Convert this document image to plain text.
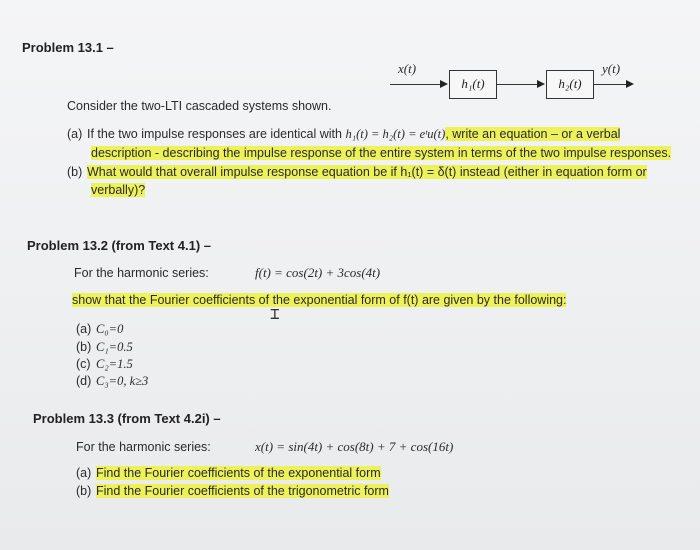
Problem 13.1 –
x(t)
h₁(t)	h₂(t)
y(t)
Consider the two-LTI cascaded systems shown.
(a) If the two impulse responses are identical with h₁(t) = h₂(t) = eᵗu(t), write an equation – or a verbal
description - describing the impulse response of the entire system in terms of the two impulse responses.
(b) What would that overall impulse response equation be if h₁(t) = δ(t) instead (either in equation form or
verbally)?
Problem 13.2 (from Text 4.1) –
For the harmonic series:	f(t) = cos(2t) + 3cos(4t)
show that the Fourier coefficients of the exponential form of f(t) are given by the following:
⌶
(a) C₀=0
(b) C₁=0.5
(c) C₂=1.5
(d) C₃=0, k≥3
Problem 13.3 (from Text 4.2i) –
For the harmonic series:	x(t) = sin(4t) + cos(8t) + 7 + cos(16t)
(a) Find the Fourier coefficients of the exponential form
(b) Find the Fourier coefficients of the trigonometric form
